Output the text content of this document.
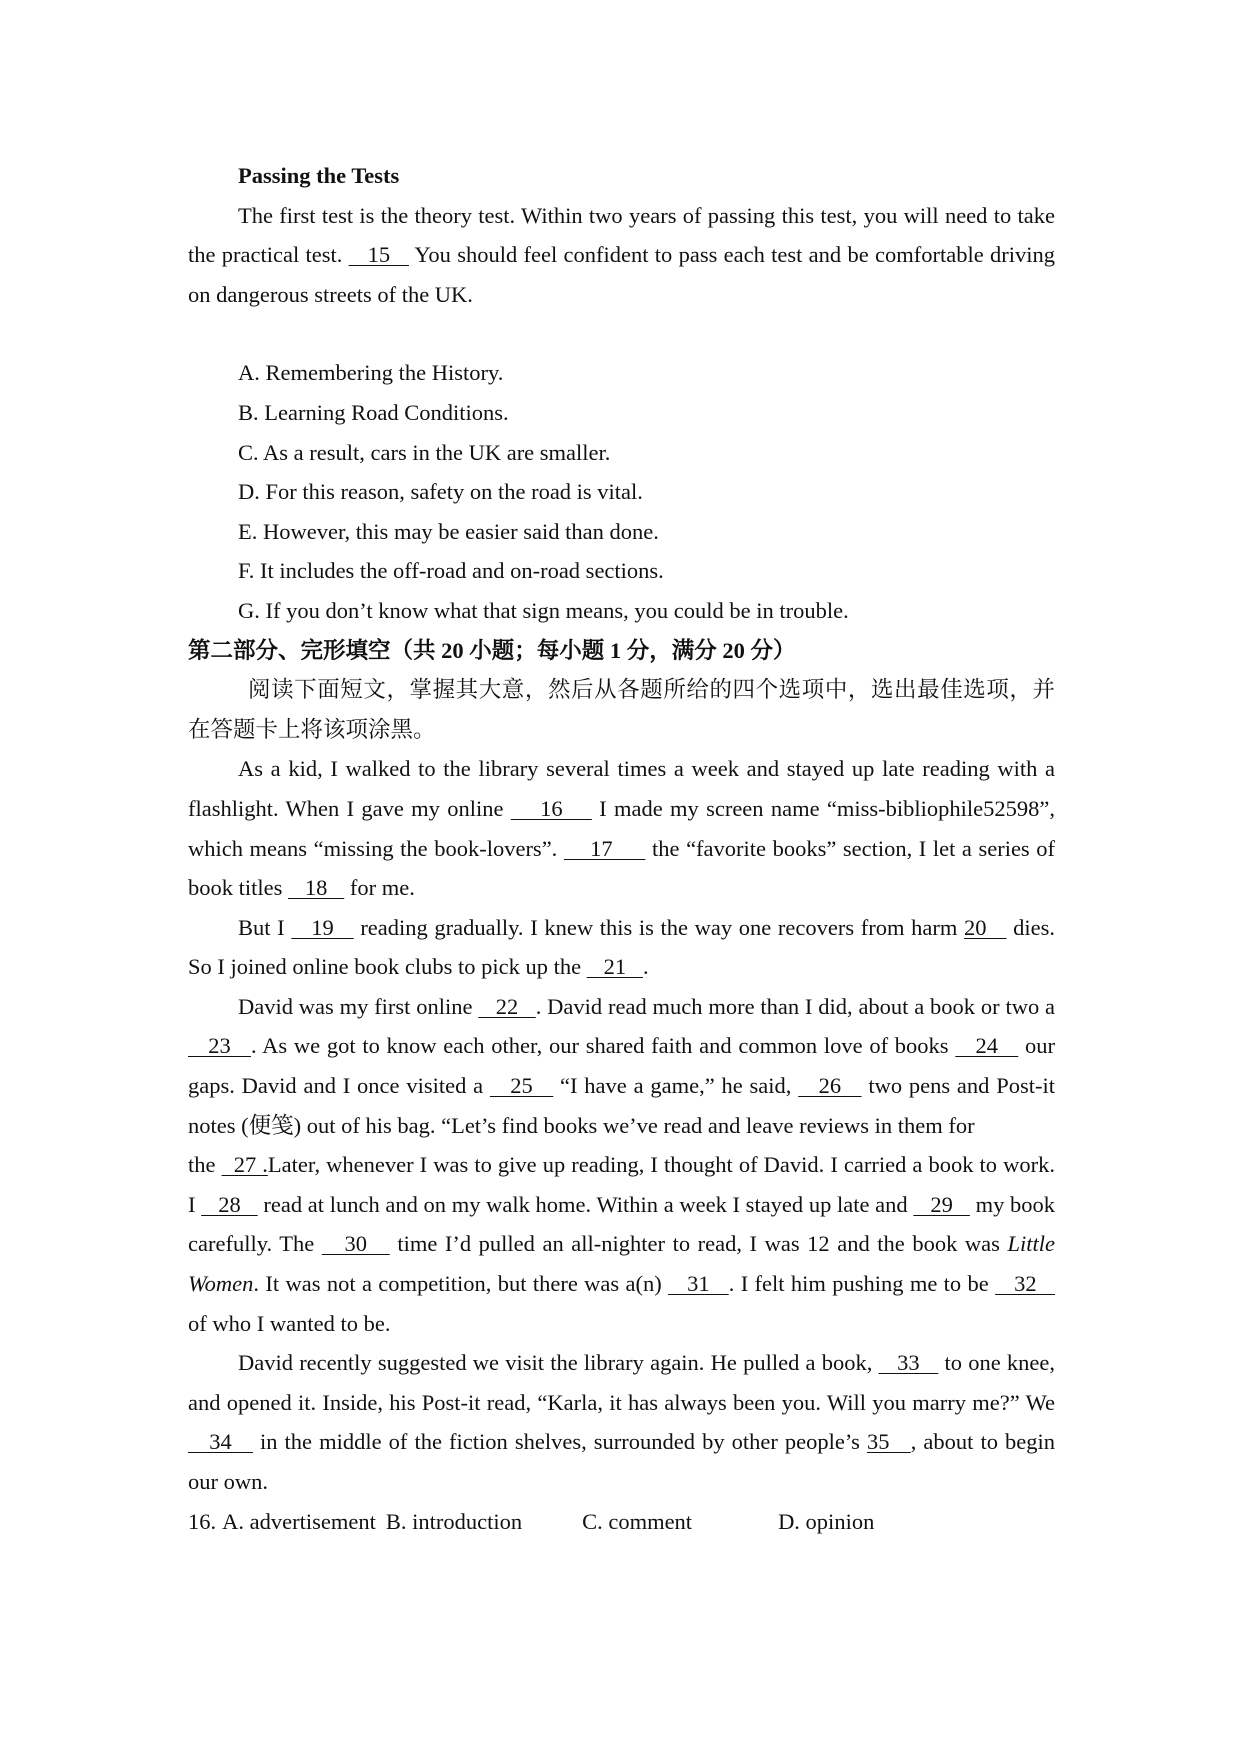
Passing the Tests
The first test is the theory test. Within two years of passing this test, you will need to take the practical test.    15    You should feel confident to pass each test and be comfortable driving on dangerous streets of the UK.
A. Remembering the History.
B. Learning Road Conditions.
C. As a result, cars in the UK are smaller.
D. For this reason, safety on the road is vital.
E. However, this may be easier said than done.
F. It includes the off-road and on-road sections.
G. If you don’t know what that sign means, you could be in trouble.
第二部分、完形填空（共 20 小题；每小题 1 分，满分 20 分）
阅读下面短文，掌握其大意，然后从各题所给的四个选项中，选出最佳选项，并在答题卡上将该项涂黑。
As a kid, I walked to the library several times a week and stayed up late reading with a flashlight. When I gave my online     16     I made my screen name “miss-bibliophile52598”, which means “missing the book-lovers”.     17      the “favorite books” section, I let a series of book titles    18    for me.
But I    19    reading gradually. I knew this is the way one recovers from harm 20    dies. So I joined online book clubs to pick up the    21   .
David was my first online    22   . David read much more than I did, about a book or two a    23   . As we got to know each other, our shared faith and common love of books    24    our gaps. David and I once visited a    25    “I have a game,” he said,    26    two pens and Post-it notes (便笺) out of his bag. “Let’s find books we’ve read and leave reviews in them for
the   27 .Later, whenever I was to give up reading, I thought of David. I carried a book to work. I    28    read at lunch and on my walk home. Within a week I stayed up late and    29    my book carefully. The    30    time I’d pulled an all-nighter to read, I was 12 and the book was Little Women. It was not a competition, but there was a(n)    31   . I felt him pushing me to be    32    of who I wanted to be.
David recently suggested we visit the library again. He pulled a book,    33    to one knee, and opened it. Inside, his Post-it read, “Karla, it has always been you. Will you marry me?” We   34    in the middle of the fiction shelves, surrounded by other people’s 35   , about to begin our own.
16. A. advertisement B. introduction	C. comment	D. opinion
